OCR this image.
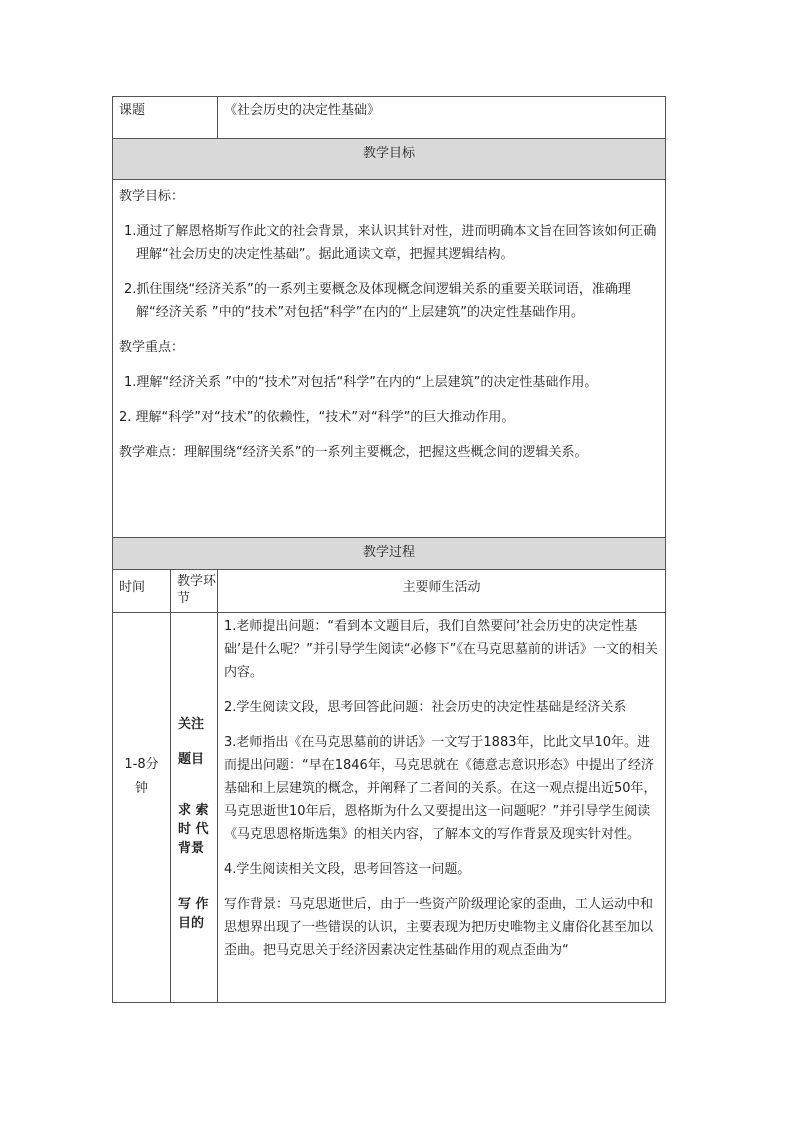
课题	《社会历史的决定性基础》
教学目标

教学目标：

1.通过了解恩格斯写作此文的社会背景，来认识其针对性，进而明确本文旨在回答该如何正确理解“社会历史的决定性基础”。据此通读文章，把握其逻辑结构。

2.抓住围绕“经济关系”的一系列主要概念及体现概念间逻辑关系的重要关联词语，准确理解“经济关系 ”中的“技术”对包括“科学”在内的“上层建筑”的决定性基础作用。

教学重点：

1.理解“经济关系 ”中的“技术”对包括“科学”在内的“上层建筑”的决定性基础作用。

2. 理解“科学”对“技术”的依赖性，“技术”对“科学”的巨大推动作用。

教学难点：理解围绕“经济关系”的一系列主要概念，把握这些概念间的逻辑关系。

教学过程
时间	教学环节
主要师生活动
1-8分钟
关注
题目
求 索时 代背景
写 作目的

1.老师提出问题：“看到本文题目后，我们自然要问‘社会历史的决定性基础’是什么呢？”并引导学生阅读“必修下”《在马克思墓前的讲话》一文的相关内容。

2.学生阅读文段，思考回答此问题：社会历史的决定性基础是经济关系

3.老师指出《在马克思墓前的讲话》一文写于1883年，比此文早10年。进而提出问题：“早在1846年，马克思就在《德意志意识形态》中提出了经济基础和上层建筑的概念，并阐释了二者间的关系。在这一观点提出近50年，马克思逝世10年后，恩格斯为什么又要提出这一问题呢？”并引导学生阅读《马克思恩格斯选集》的相关内容，了解本文的写作背景及现实针对性。

4.学生阅读相关文段，思考回答这一问题。

写作背景：马克思逝世后，由于一些资产阶级理论家的歪曲，工人运动中和思想界出现了一些错误的认识，主要表现为把历史唯物主义庸俗化甚至加以歪曲。把马克思关于经济因素决定性基础作用的观点歪曲为“
